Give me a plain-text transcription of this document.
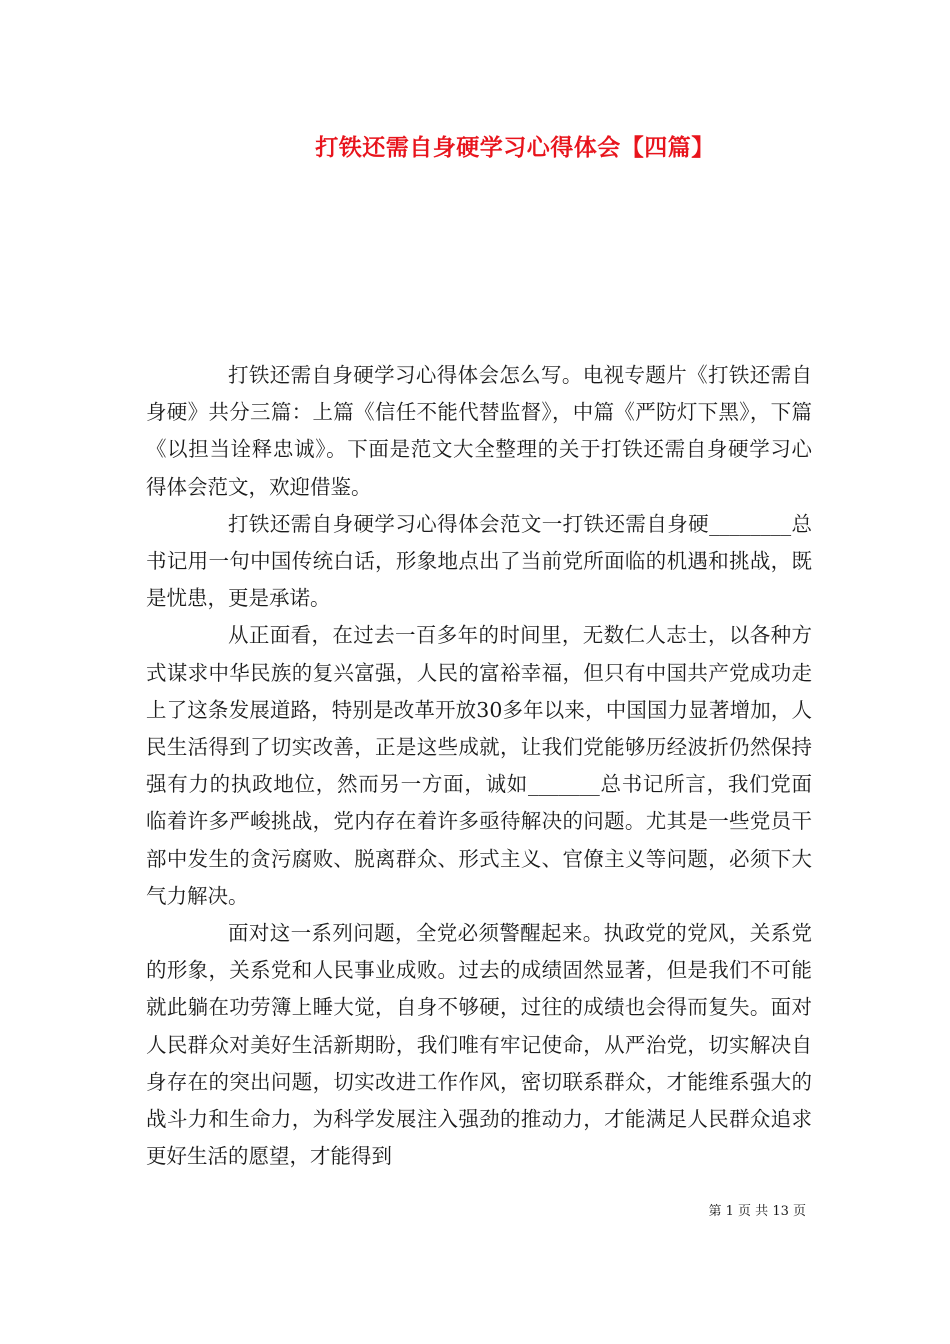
打铁还需自身硬学习心得体会【四篇】

打铁还需自身硬学习心得体会怎么写。电视专题片《打铁还需自身硬》共分三篇：上篇《信任不能代替监督》，中篇《严防灯下黑》，下篇《以担当诠释忠诚》。下面是范文大全整理的关于打铁还需自身硬学习心得体会范文，欢迎借鉴。

打铁还需自身硬学习心得体会范文一打铁还需自身硬________总书记用一句中国传统白话，形象地点出了当前党所面临的机遇和挑战，既是忧患，更是承诺。

从正面看，在过去一百多年的时间里，无数仁人志士，以各种方式谋求中华民族的复兴富强，人民的富裕幸福，但只有中国共产党成功走上了这条发展道路，特别是改革开放30多年以来，中国国力显著增加，人民生活得到了切实改善，正是这些成就，让我们党能够历经波折仍然保持强有力的执政地位，然而另一方面，诚如_______总书记所言，我们党面临着许多严峻挑战，党内存在着许多亟待解决的问题。尤其是一些党员干部中发生的贪污腐败、脱离群众、形式主义、官僚主义等问题，必须下大气力解决。

面对这一系列问题，全党必须警醒起来。执政党的党风，关系党的形象，关系党和人民事业成败。过去的成绩固然显著，但是我们不可能就此躺在功劳簿上睡大觉，自身不够硬，过往的成绩也会得而复失。面对人民群众对美好生活新期盼，我们唯有牢记使命，从严治党，切实解决自身存在的突出问题，切实改进工作作风，密切联系群众，才能维系强大的战斗力和生命力，为科学发展注入强劲的推动力，才能满足人民群众追求更好生活的愿望，才能得到

第 1 页 共 13 页
